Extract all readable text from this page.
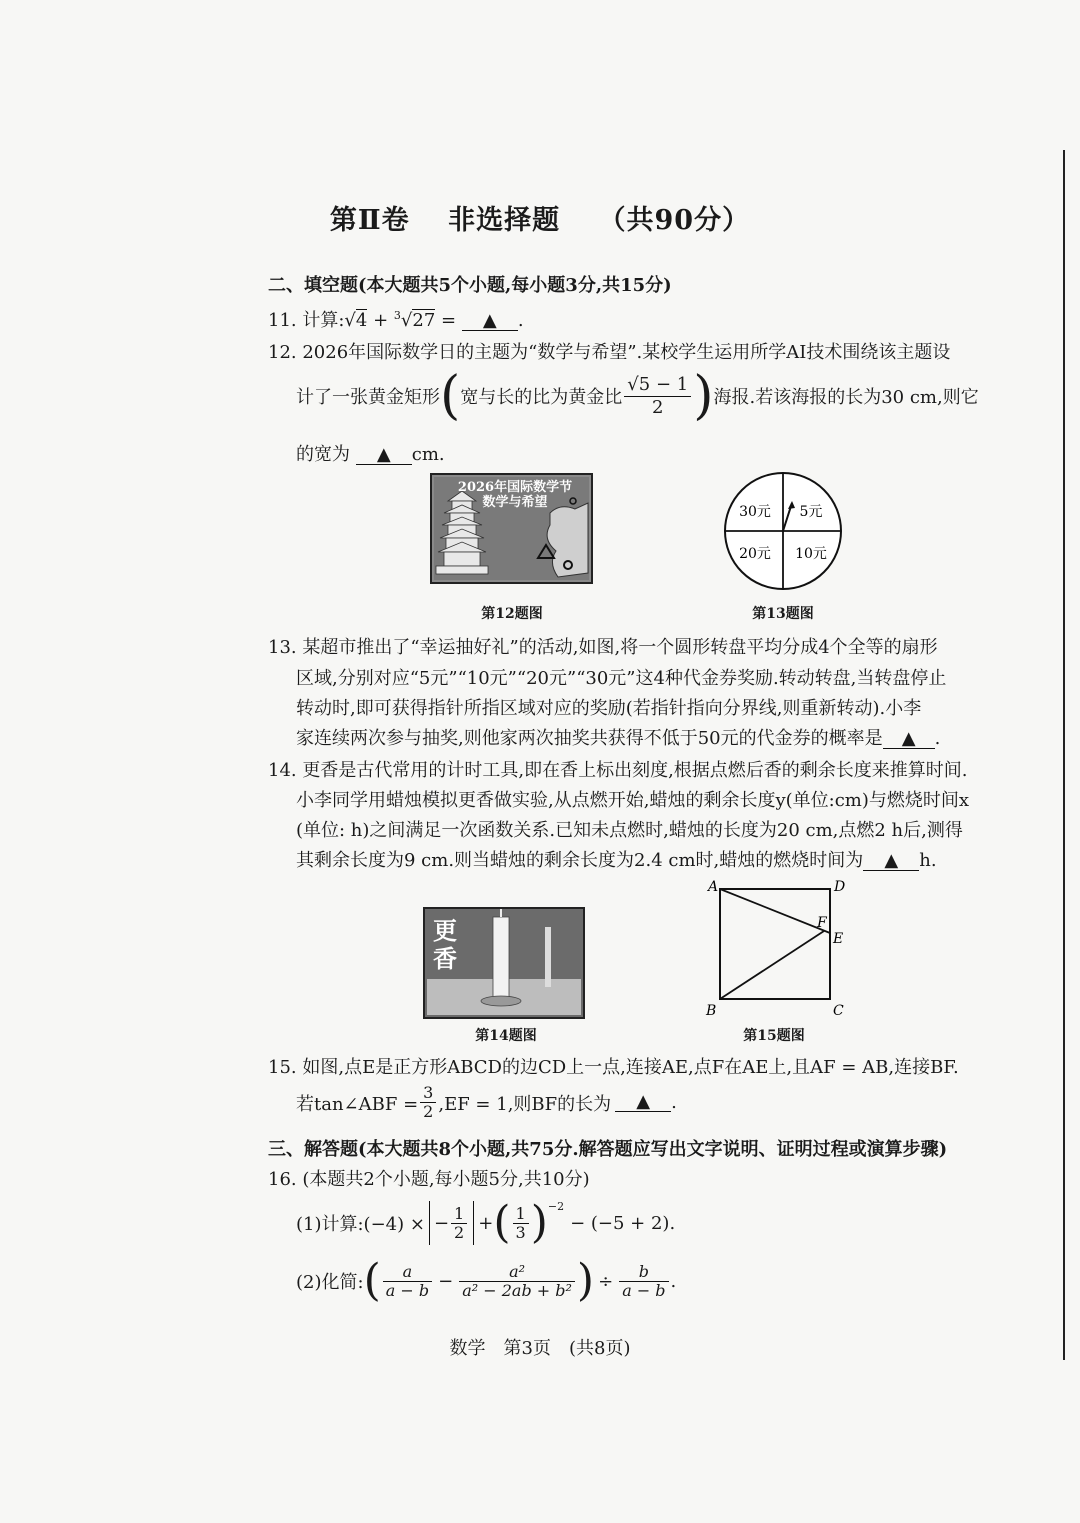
第Ⅱ卷 非选择题 （共90分）
二、填空题(本大题共5个小题,每小题3分,共15分)
11. 计算:√4 + $^3$√27 = ▲ .
12. 2026年国际数学日的主题为“数学与希望”.某校学生运用所学AI技术围绕该主题设
计了一张黄金矩形 ( 宽与长的比为黄金比 $\frac{√5 - 1}{2}$ ) 海报.若该海报的长为30 cm,则它
的宽为 ▲ cm.
2026年国际数学节
数学与希望
第12题图
30元 5元
20元 10元
第13题图
13. 某超市推出了“幸运抽好礼”的活动,如图,将一个圆形转盘平均分成4个全等的扇形
区域,分别对应“5元”“10元”“20元”“30元”这4种代金券奖励.转动转盘,当转盘停止
转动时,即可获得指针所指区域对应的奖励(若指针指向分界线,则重新转动).小李
家连续两次参与抽奖,则他家两次抽奖共获得不低于50元的代金券的概率是 ▲ .
14. 更香是古代常用的计时工具,即在香上标出刻度,根据点燃后香的剩余长度来推算时间.
小李同学用蜡烛模拟更香做实验,从点燃开始,蜡烛的剩余长度y(单位:cm)与燃烧时间x
(单位: h)之间满足一次函数关系.已知未点燃时,蜡烛的长度为20 cm,点燃2 h后,测得
其剩余长度为9 cm.则当蜡烛的剩余长度为2.4 cm时,蜡烛的燃烧时间为 ▲ h.
更
香
第14题图
A	D
F
E
B	C
第15题图
15. 如图,点E是正方形ABCD的边CD上一点,连接AE,点F在AE上,且AF = AB,连接BF.
若tan∠ABF = $\frac{3}{2} ,EF = 1$,则BF的长为	▲	.
三、解答题(本大题共8个小题,共75分.解答题应写出文字说明、证明过程或演算步骤)
16. (本题共2个小题,每小题5分,共10分)
(1)计算:(−4) × − $\frac{1}{2}$ + ( $\frac{1}{3} )^{-2}$
− (−5 + 2).
(2)化简: ( $\frac{a}{a - b} - \frac{\text{a²}}{\text{a² − 2ab + b²}}$ ) ÷ $\frac{b}{a - b}$ .
数学　第3页　(共8页)
